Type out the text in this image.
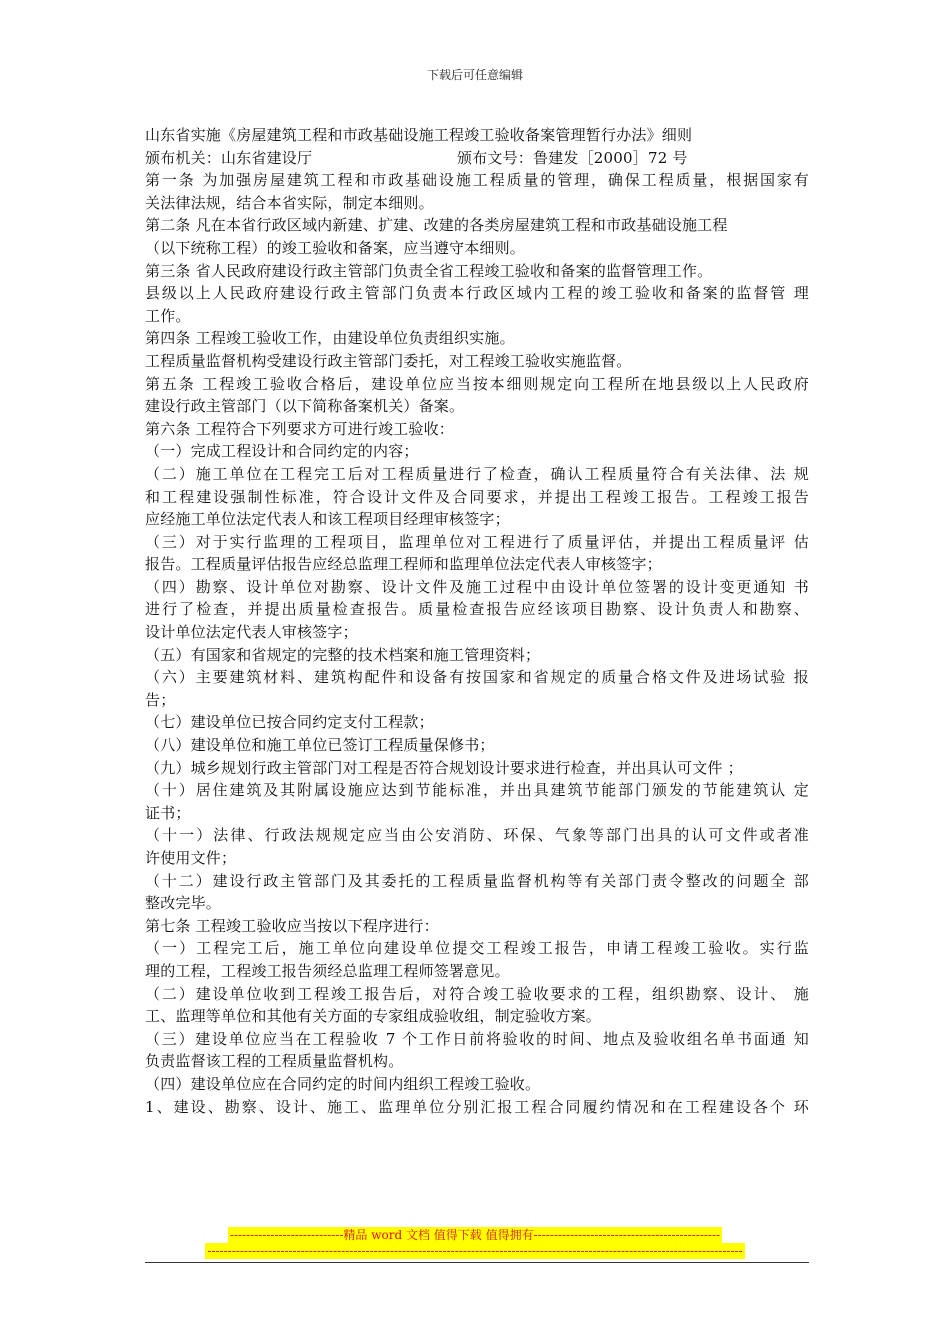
下载后可任意编辑
山东省实施《房屋建筑工程和市政基础设施工程竣工验收备案管理暂行办法》细则
颁布机关：山东省建设厅	颁布文号：鲁建发［2000］72 号
第一条 为加强房屋建筑工程和市政基础设施工程质量的管理，确保工程质量，根据国家有
关法律法规，结合本省实际，制定本细则。
第二条 凡在本省行政区域内新建、扩建、改建的各类房屋建筑工程和市政基础设施工程
（以下统称工程）的竣工验收和备案，应当遵守本细则。
第三条 省人民政府建设行政主管部门负责全省工程竣工验收和备案的监督管理工作。
县级以上人民政府建设行政主管部门负责本行政区域内工程的竣工验收和备案的监督管 理
工作。
第四条 工程竣工验收工作，由建设单位负责组织实施。
工程质量监督机构受建设行政主管部门委托，对工程竣工验收实施监督。
第五条 工程竣工验收合格后，建设单位应当按本细则规定向工程所在地县级以上人民政府
建设行政主管部门（以下简称备案机关）备案。
第六条 工程符合下列要求方可进行竣工验收：
（一）完成工程设计和合同约定的内容；
（二）施工单位在工程完工后对工程质量进行了检查，确认工程质量符合有关法律、法 规
和工程建设强制性标准，符合设计文件及合同要求，并提出工程竣工报告。工程竣工报告
应经施工单位法定代表人和该工程项目经理审核签字；
（三）对于实行监理的工程项目，监理单位对工程进行了质量评估，并提出工程质量评 估
报告。工程质量评估报告应经总监理工程师和监理单位法定代表人审核签字；
（四）勘察、设计单位对勘察、设计文件及施工过程中由设计单位签署的设计变更通知 书
进行了检查，并提出质量检查报告。质量检查报告应经该项目勘察、设计负责人和勘察、
设计单位法定代表人审核签字；
（五）有国家和省规定的完整的技术档案和施工管理资料；
（六）主要建筑材料、建筑构配件和设备有按国家和省规定的质量合格文件及进场试验 报
告；
（七）建设单位已按合同约定支付工程款；
（八）建设单位和施工单位已签订工程质量保修书；
（九）城乡规划行政主管部门对工程是否符合规划设计要求进行检查，并出具认可文件 ；
（十）居住建筑及其附属设施应达到节能标准，并出具建筑节能部门颁发的节能建筑认 定
证书；
（十一）法律、行政法规规定应当由公安消防、环保、气象等部门出具的认可文件或者准
许使用文件；
（十二）建设行政主管部门及其委托的工程质量监督机构等有关部门责令整改的问题全 部
整改完毕。
第七条 工程竣工验收应当按以下程序进行：
（一）工程完工后，施工单位向建设单位提交工程竣工报告，申请工程竣工验收。实行监
理的工程，工程竣工报告须经总监理工程师签署意见。
（二）建设单位收到工程竣工报告后，对符合竣工验收要求的工程，组织勘察、设计、 施
工、监理等单位和其他有关方面的专家组成验收组，制定验收方案。
（三）建设单位应当在工程验收 7 个工作日前将验收的时间、地点及验收组名单书面通 知
负责监督该工程的工程质量监督机构。
（四）建设单位应在合同约定的时间内组织工程竣工验收。
1、建设、勘察、设计、施工、监理单位分别汇报工程合同履约情况和在工程建设各个 环
----------------------------精品 word 文档 值得下载 值得拥有----------------------------------------------
------------------------------------------------------------------------------------------------------------------------------------
